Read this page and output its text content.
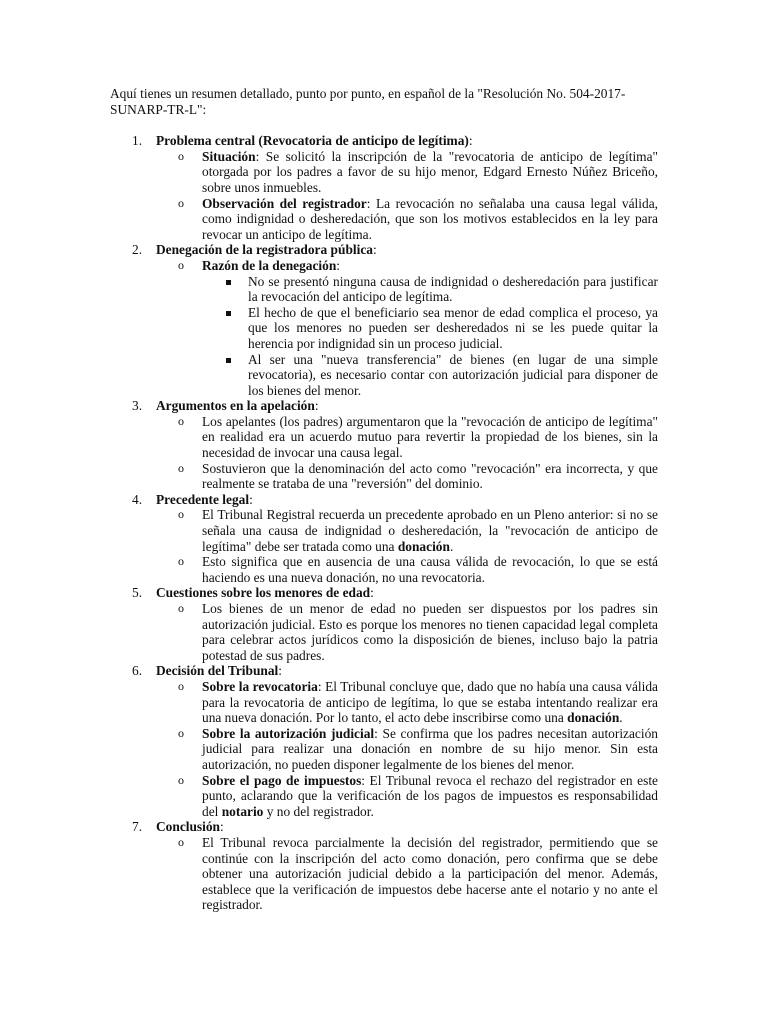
Aquí tienes un resumen detallado, punto por punto, en español de la "Resolución No. 504-2017-SUNARP-TR-L":

1. Problema central (Revocatoria de anticipo de legítima):
o Situación: Se solicitó la inscripción de la "revocatoria de anticipo de legítima" otorgada por los padres a favor de su hijo menor, Edgard Ernesto Núñez Briceño, sobre unos inmuebles.
o Observación del registrador: La revocación no señalaba una causa legal válida, como indignidad o desheredación, que son los motivos establecidos en la ley para revocar un anticipo de legítima.
2. Denegación de la registradora pública:
o Razón de la denegación:
No se presentó ninguna causa de indignidad o desheredación para justificar la revocación del anticipo de legítima.
El hecho de que el beneficiario sea menor de edad complica el proceso, ya que los menores no pueden ser desheredados ni se les puede quitar la herencia por indignidad sin un proceso judicial.
Al ser una "nueva transferencia" de bienes (en lugar de una simple revocatoria), es necesario contar con autorización judicial para disponer de los bienes del menor.
3. Argumentos en la apelación:
o Los apelantes (los padres) argumentaron que la "revocación de anticipo de legítima" en realidad era un acuerdo mutuo para revertir la propiedad de los bienes, sin la necesidad de invocar una causa legal.
o Sostuvieron que la denominación del acto como "revocación" era incorrecta, y que realmente se trataba de una "reversión" del dominio.
4. Precedente legal:
o El Tribunal Registral recuerda un precedente aprobado en un Pleno anterior: si no se señala una causa de indignidad o desheredación, la "revocación de anticipo de legítima" debe ser tratada como una donación.
o Esto significa que en ausencia de una causa válida de revocación, lo que se está haciendo es una nueva donación, no una revocatoria.
5. Cuestiones sobre los menores de edad:
o Los bienes de un menor de edad no pueden ser dispuestos por los padres sin autorización judicial. Esto es porque los menores no tienen capacidad legal completa para celebrar actos jurídicos como la disposición de bienes, incluso bajo la patria potestad de sus padres.
6. Decisión del Tribunal:
o Sobre la revocatoria: El Tribunal concluye que, dado que no había una causa válida para la revocatoria de anticipo de legítima, lo que se estaba intentando realizar era una nueva donación. Por lo tanto, el acto debe inscribirse como una donación.
o Sobre la autorización judicial: Se confirma que los padres necesitan autorización judicial para realizar una donación en nombre de su hijo menor. Sin esta autorización, no pueden disponer legalmente de los bienes del menor.
o Sobre el pago de impuestos: El Tribunal revoca el rechazo del registrador en este punto, aclarando que la verificación de los pagos de impuestos es responsabilidad del notario y no del registrador.
7. Conclusión:
o El Tribunal revoca parcialmente la decisión del registrador, permitiendo que se continúe con la inscripción del acto como donación, pero confirma que se debe obtener una autorización judicial debido a la participación del menor. Además, establece que la verificación de impuestos debe hacerse ante el notario y no ante el registrador.
